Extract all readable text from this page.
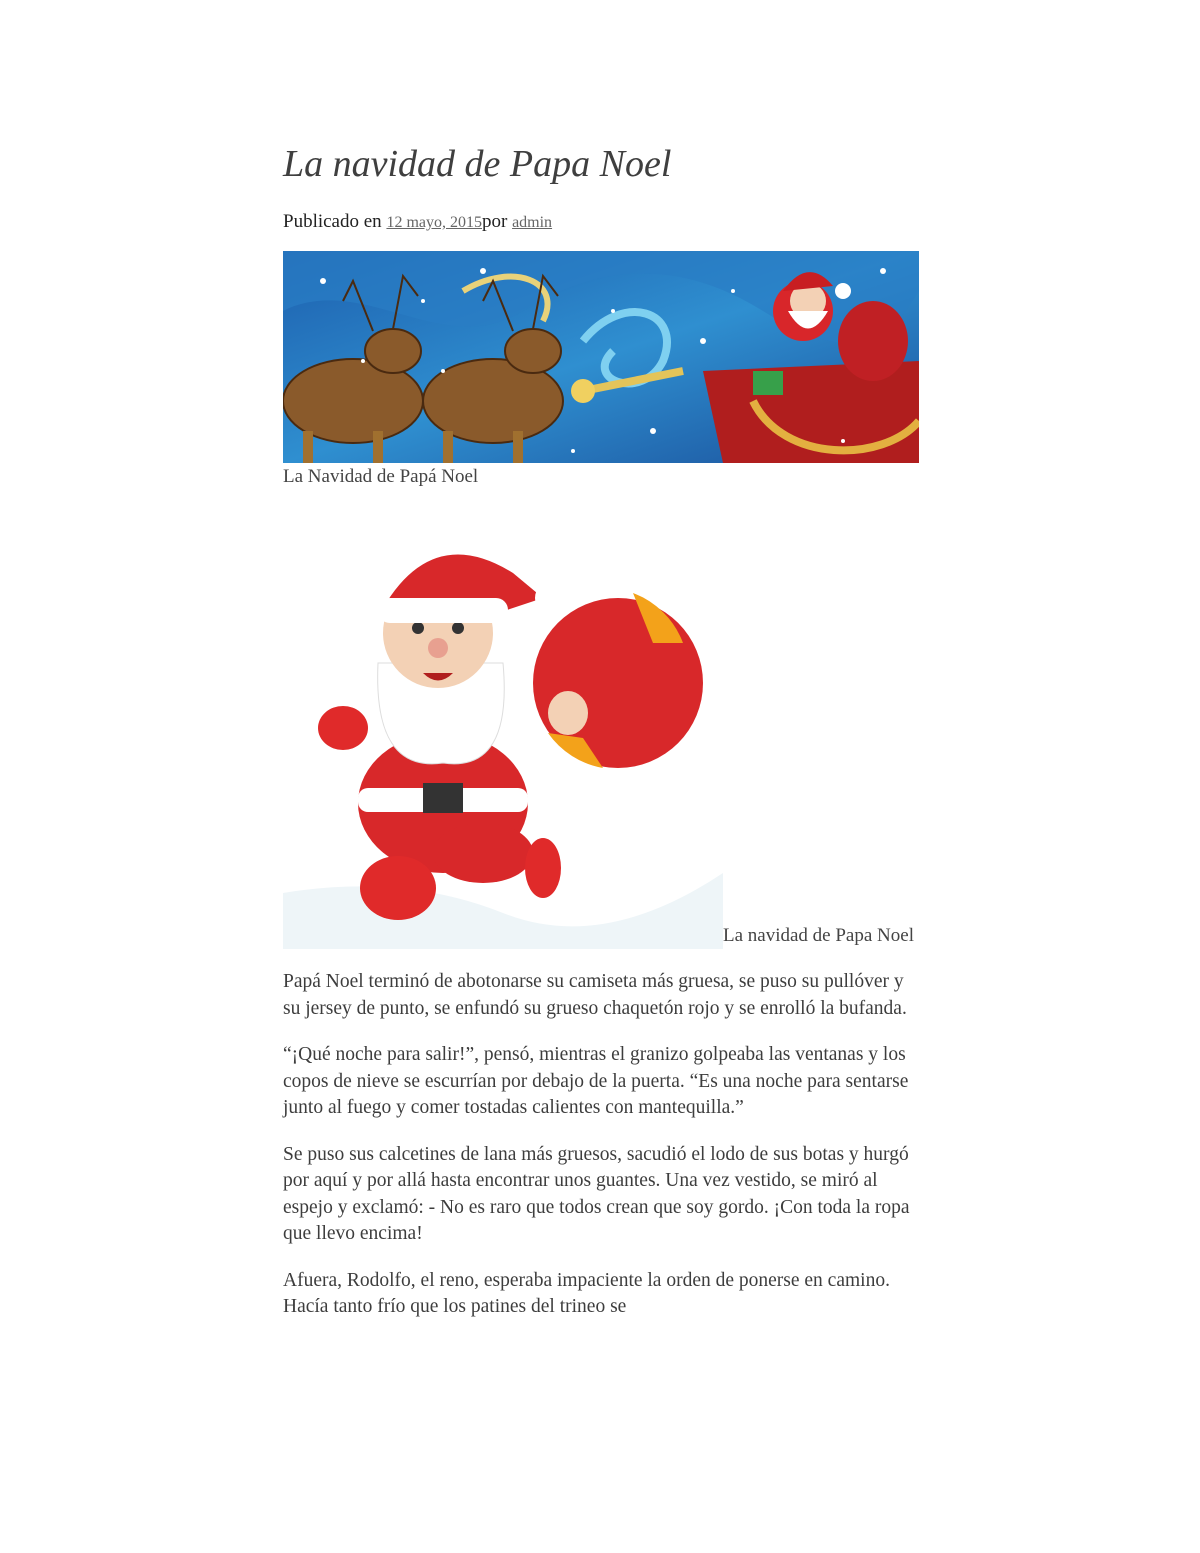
La navidad de Papa Noel
Publicado en 12 mayo, 2015por admin
La Navidad de Papá Noel
La navidad de Papa Noel

Papá Noel terminó de abotonarse su camiseta más gruesa, se puso su pullóver y su jersey de punto, se enfundó su grueso chaquetón rojo y se enrolló la bufanda.

“¡Qué noche para salir!”, pensó, mientras el granizo golpeaba las ventanas y los copos de nieve se escurrían por debajo de la puerta. “Es una noche para sentarse junto al fuego y comer tostadas calientes con mantequilla.”

Se puso sus calcetines de lana más gruesos, sacudió el lodo de sus botas y hurgó por aquí y por allá hasta encontrar unos guantes. Una vez vestido, se miró al espejo y exclamó: - No es raro que todos crean que soy gordo. ¡Con toda la ropa que llevo encima!

Afuera, Rodolfo, el reno, esperaba impaciente la orden de ponerse en camino. Hacía tanto frío que los patines del trineo se
